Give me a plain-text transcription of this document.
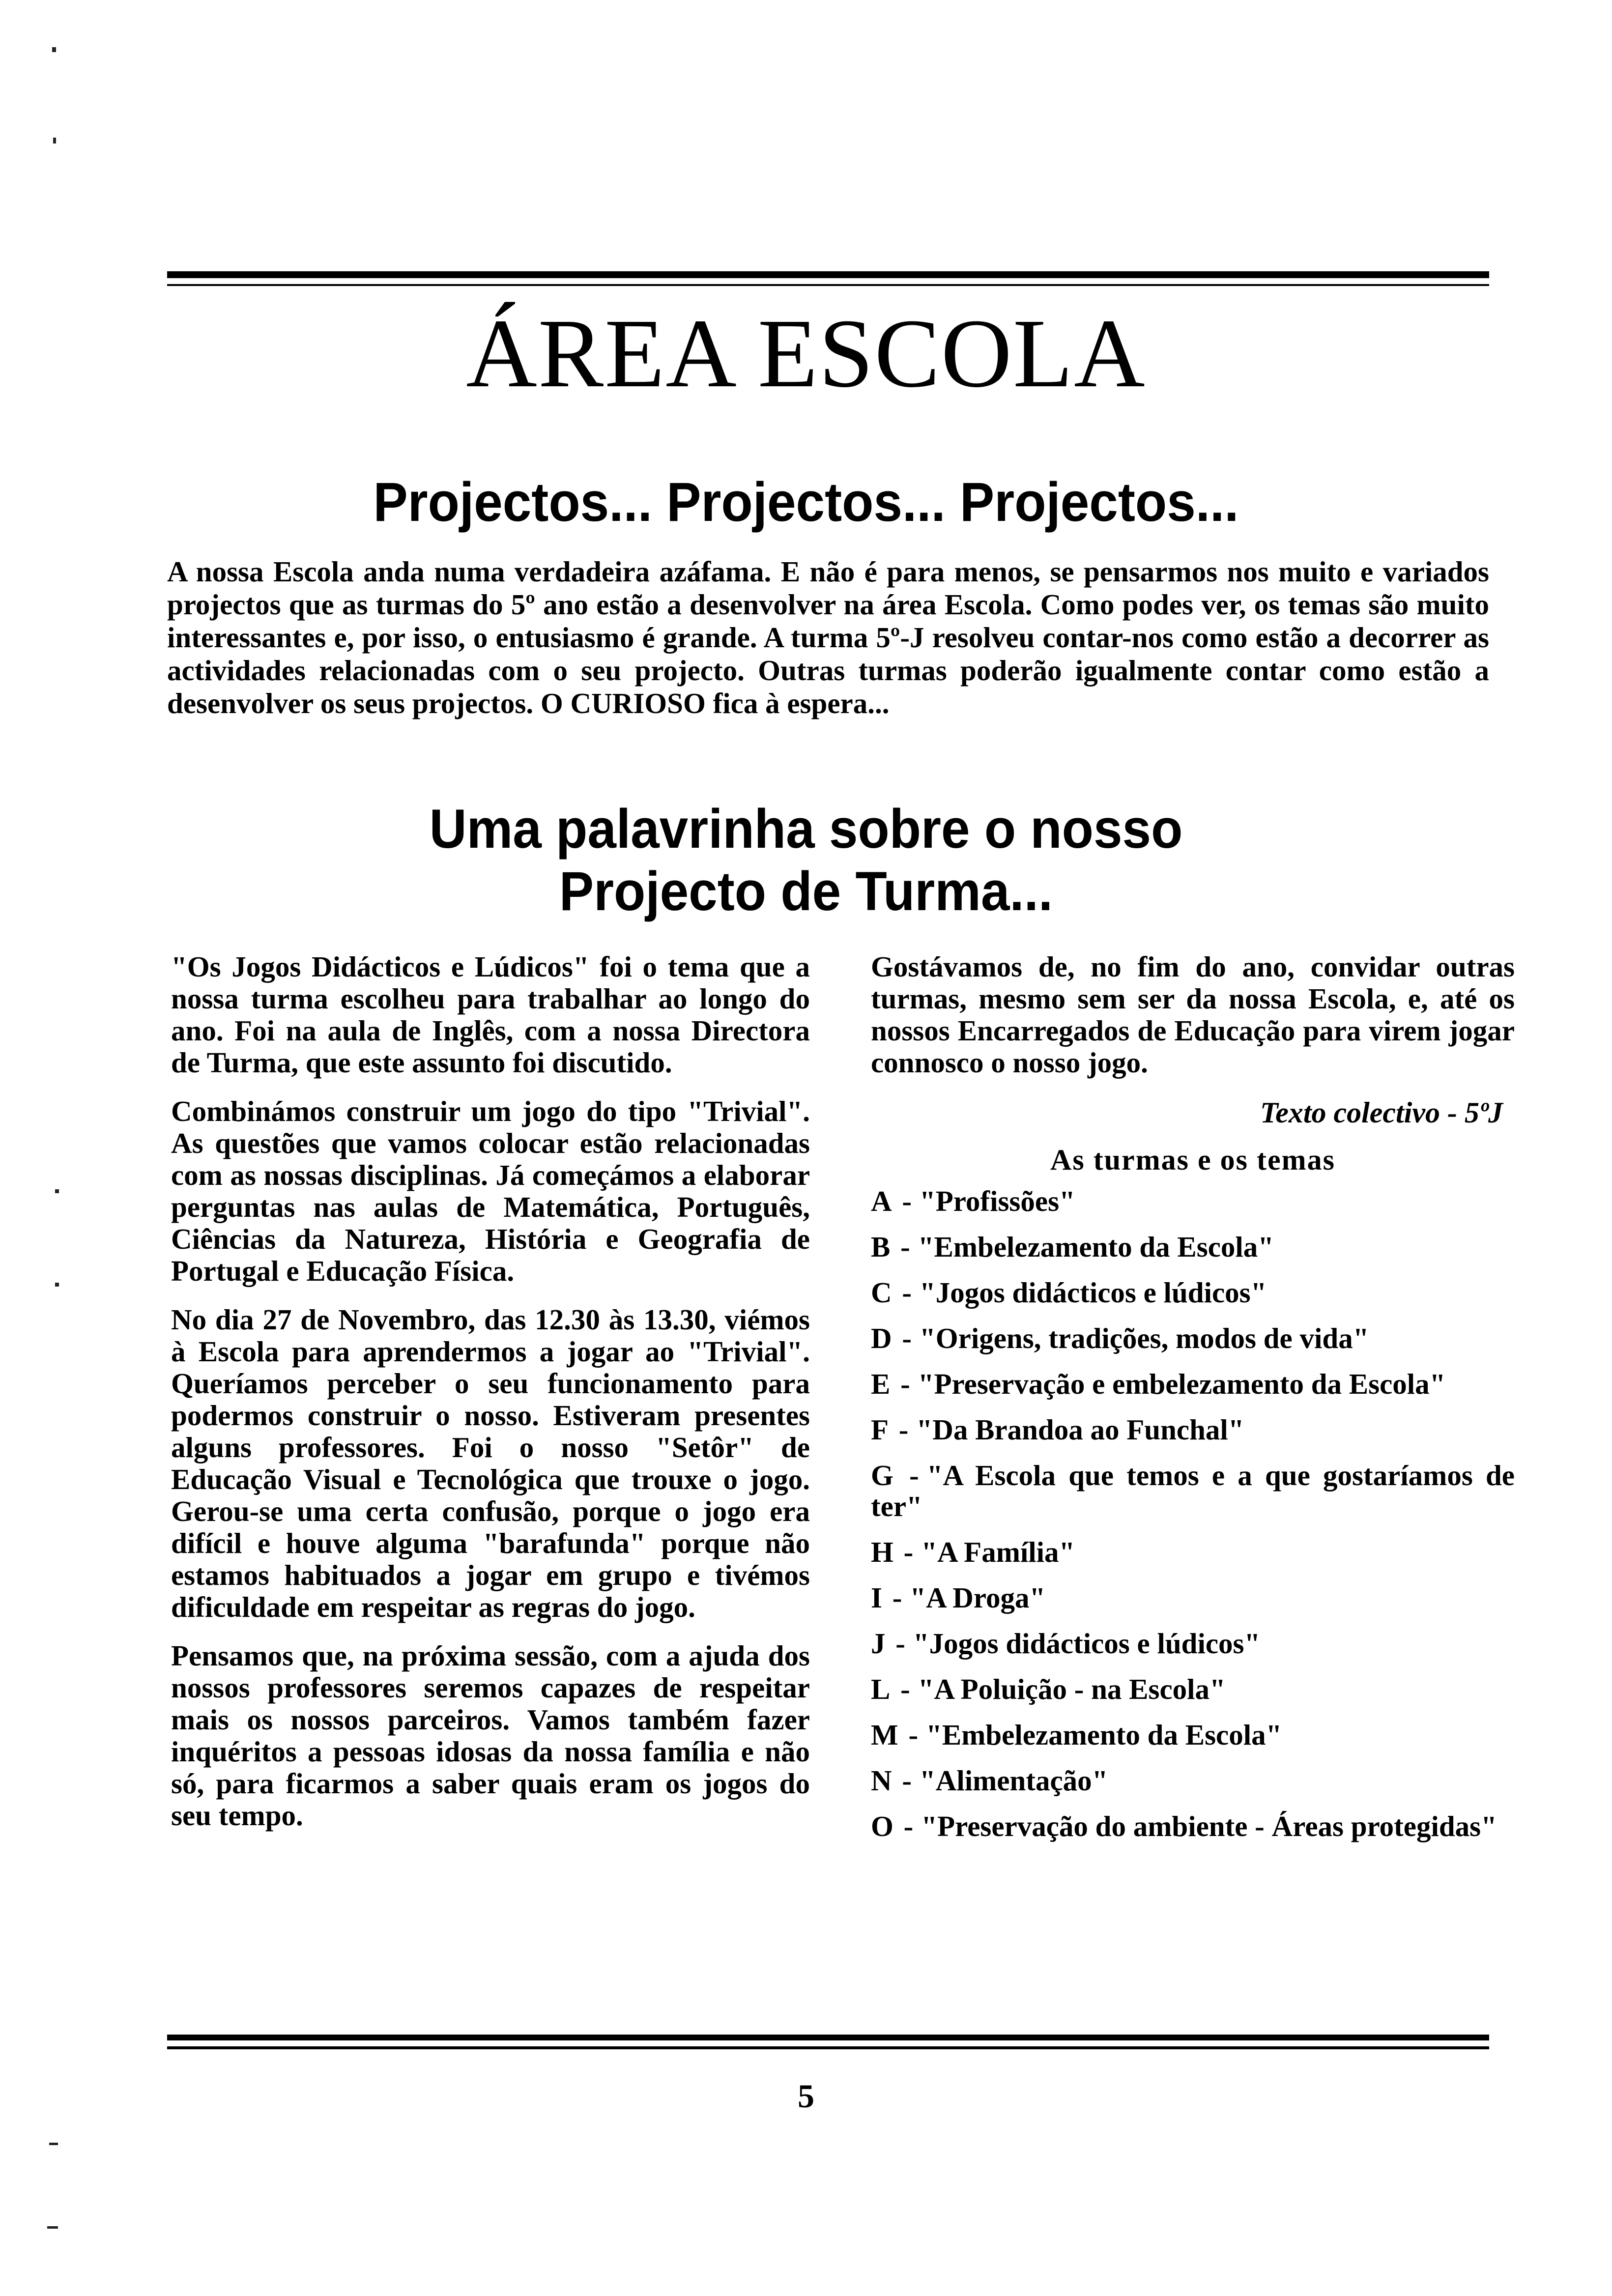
ÁREA ESCOLA
Projectos... Projectos... Projectos...

A nossa Escola anda numa verdadeira azáfama. E não é para menos, se pensarmos nos muito e variados projectos que as turmas do 5º ano estão a desenvolver na área Escola. Como podes ver, os temas são muito interessantes e, por isso, o entusiasmo é grande. A turma 5º-J resolveu contar-nos como estão a decorrer as actividades relacionadas com o seu projecto. Outras turmas poderão igualmente contar como estão a desenvolver os seus projectos. O CURIOSO fica à espera...

Uma palavrinha sobre o nosso
Projecto de Turma...

"Os Jogos Didácticos e Lúdicos" foi o tema que a nossa turma escolheu para trabalhar ao longo do ano. Foi na aula de Inglês, com a nossa Directora de Turma, que este assunto foi discutido.

Combinámos construir um jogo do tipo "Trivial". As questões que vamos colocar estão relacionadas com as nossas disciplinas. Já começámos a elaborar perguntas nas aulas de Matemática, Português, Ciências da Natureza, História e Geografia de Portugal e Educação Física.

No dia 27 de Novembro, das 12.30 às 13.30, viémos à Escola para aprendermos a jogar ao "Trivial". Queríamos perceber o seu funcionamento para podermos construir o nosso. Estiveram presentes alguns professores. Foi o nosso "Setôr" de Educação Visual e Tecnológica que trouxe o jogo. Gerou-se uma certa confusão, porque o jogo era difícil e houve alguma "barafunda" porque não estamos habituados a jogar em grupo e tivémos dificuldade em respeitar as regras do jogo.

Pensamos que, na próxima sessão, com a ajuda dos nossos professores seremos capazes de respeitar mais os nossos parceiros. Vamos também fazer inquéritos a pessoas idosas da nossa família e não só, para ficarmos a saber quais eram os jogos do seu tempo.

Gostávamos de, no fim do ano, convidar outras turmas, mesmo sem ser da nossa Escola, e, até os nossos Encarregados de Educação para virem jogar connosco o nosso jogo.

Texto colectivo - 5ºJ
As turmas e os temas
A - "Profissões"
B - "Embelezamento da Escola"
C - "Jogos didácticos e lúdicos"
D - "Origens, tradições, modos de vida"
E - "Preservação e embelezamento da Escola"
F - "Da Brandoa ao Funchal"
G - "A Escola que temos e a que gostaríamos de ter"
H - "A Família"
I - "A Droga"
J - "Jogos didácticos e lúdicos"
L - "A Poluição - na Escola"
M - "Embelezamento da Escola"
N - "Alimentação"
O - "Preservação do ambiente - Áreas protegidas"
5
